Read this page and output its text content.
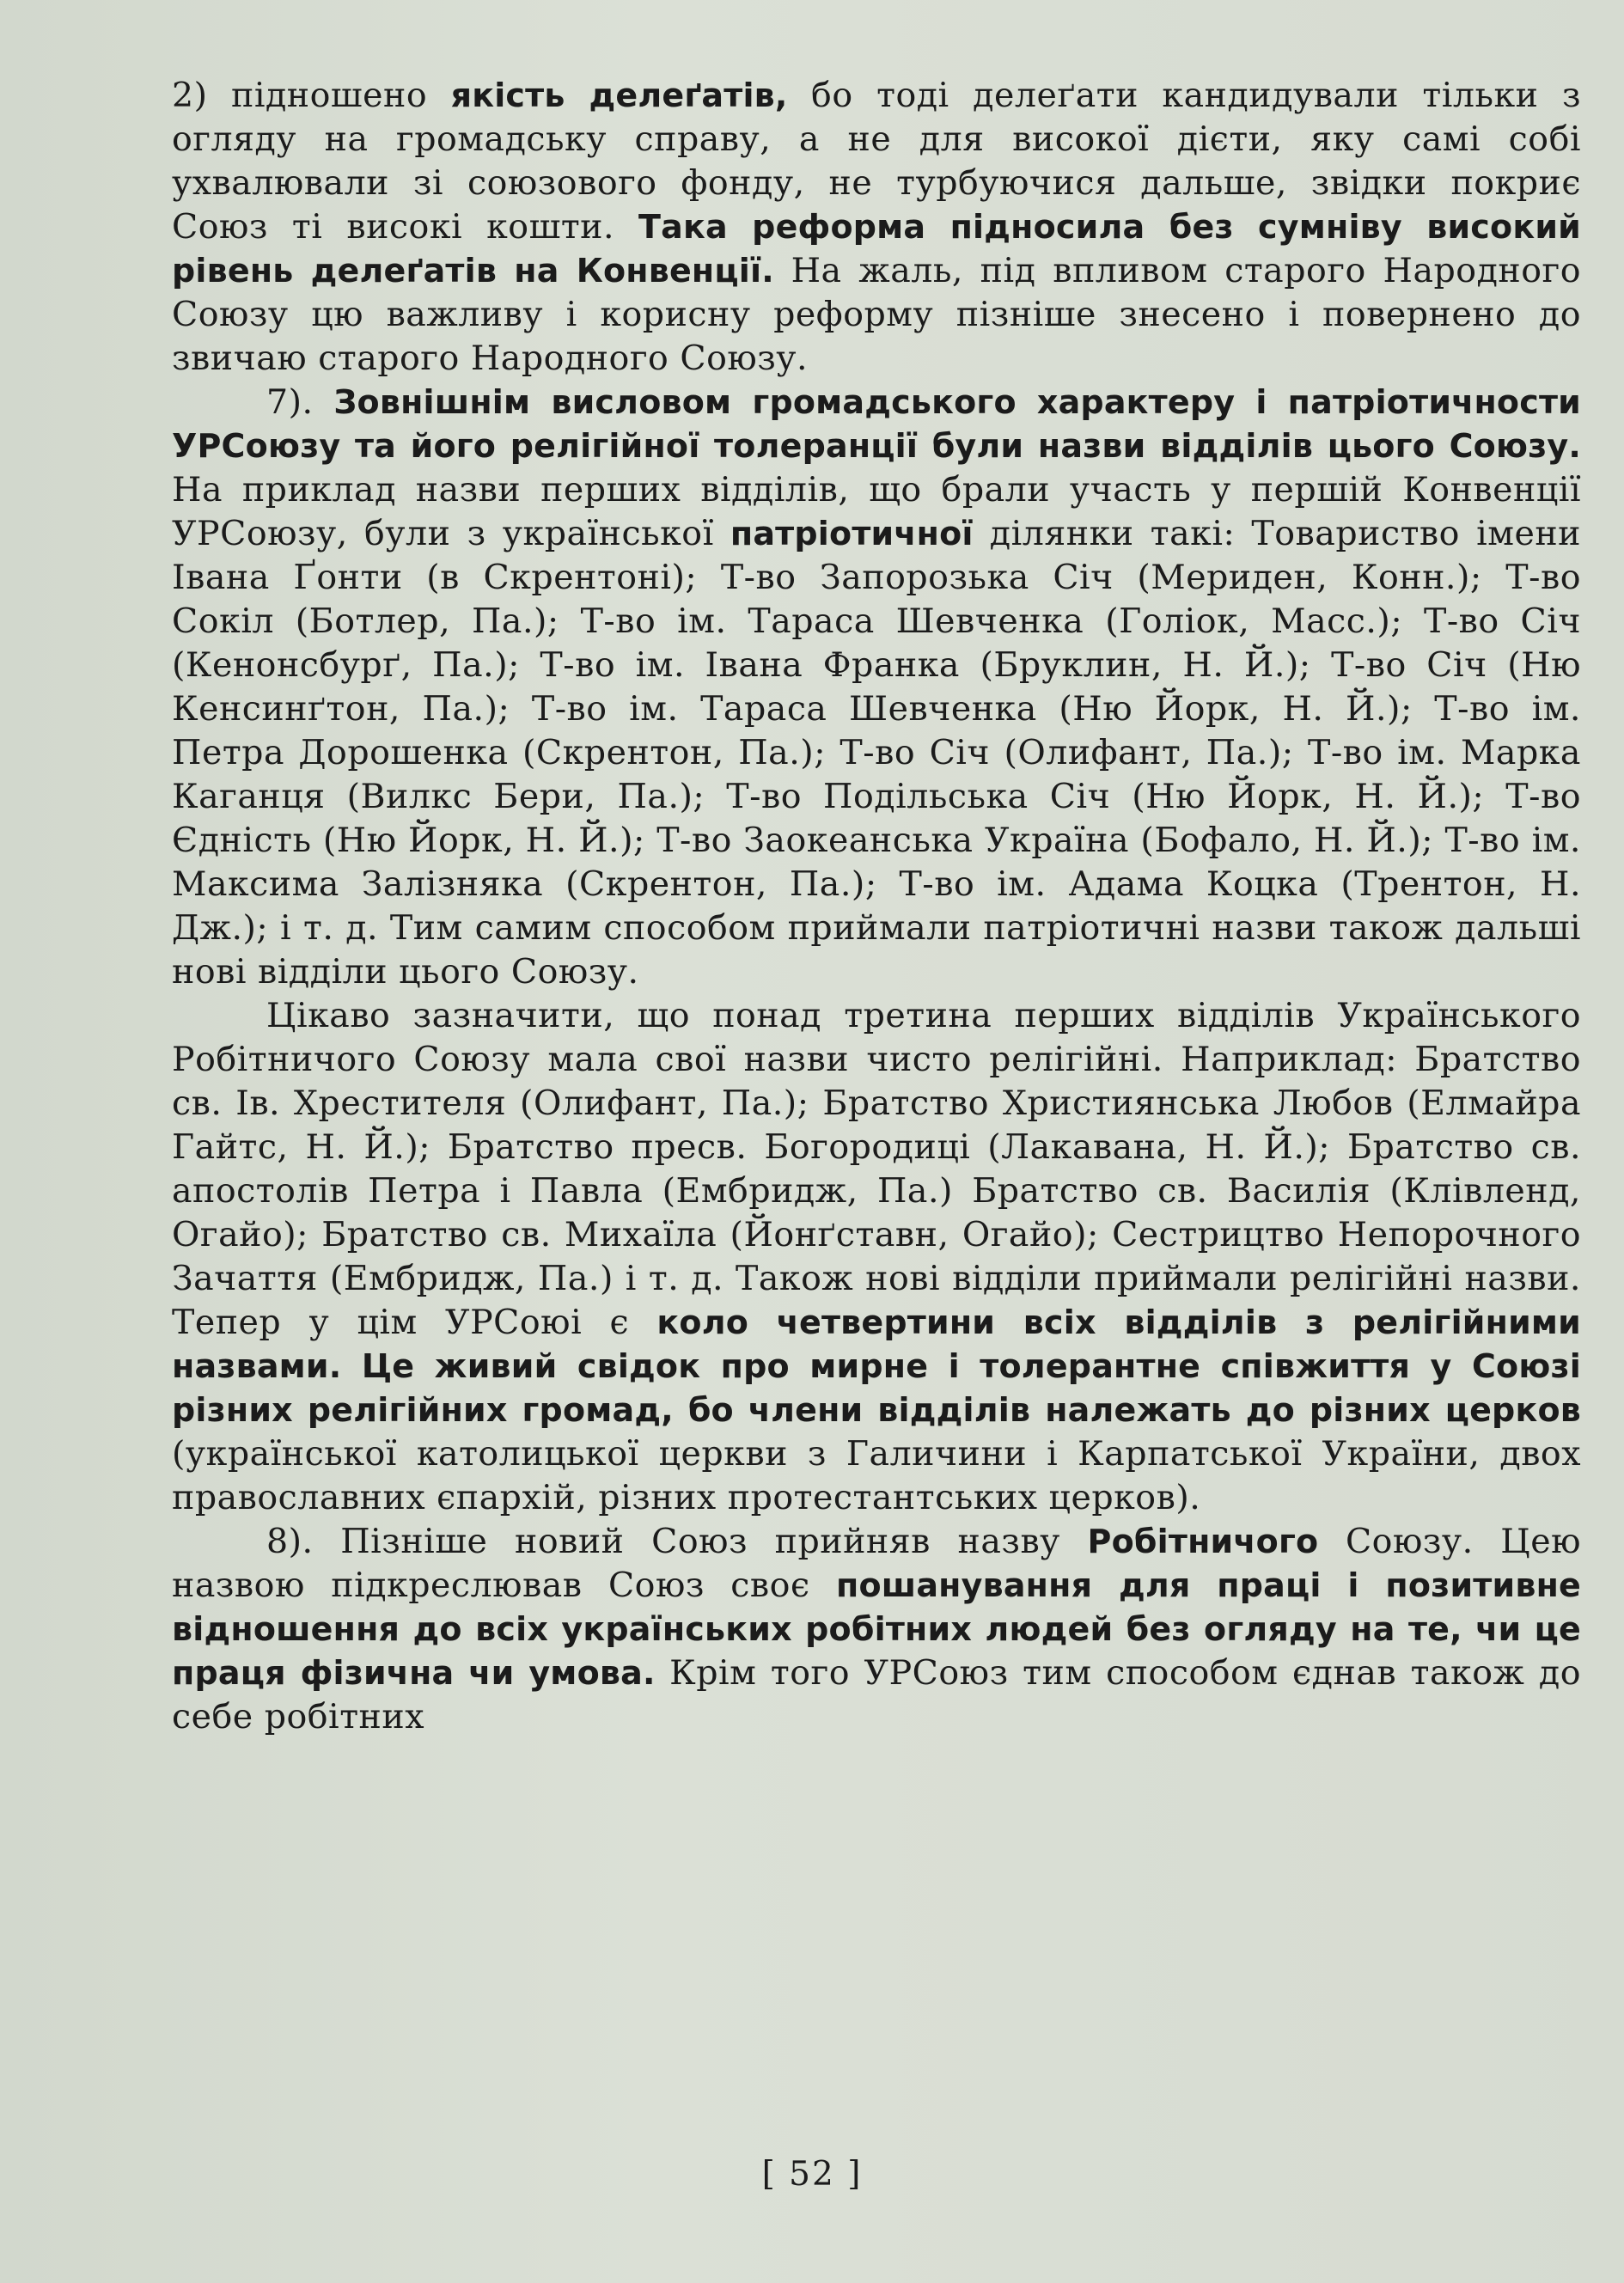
2) підношено якість делеґатів, бо тоді делеґати кандидували тільки з огляду на громадську справу, а не для високої дієти, яку самі собі ухвалювали зі союзового фонду, не турбуючися дальше, звідки покриє Союз ті високі кошти. Така реформа підносила без сумніву високий рівень делеґатів на Конвенції. На жаль, під впливом старого Народного Союзу цю важливу і корисну реформу пізніше знесено і повернено до звичаю старого Народного Союзу.

7). Зовнішнім висловом громадського характеру і патріотичности УРСоюзу та його релігійної толеранції були назви відділів цього Союзу. На приклад назви перших відділів, що брали участь у першій Конвенції УРСоюзу, були з української патріотичної ділянки такі: Товариство імени Івана Ґонти (в Скрентоні); Т-во Запорозька Січ (Мериден, Конн.); Т-во Сокіл (Ботлер, Па.); Т-во ім. Тараса Шевченка (Голіок, Масс.); Т-во Січ (Кенонсбурґ, Па.); Т-во ім. Івана Франка (Бруклин, Н. Й.); Т-во Січ (Ню Кенсинґтон, Па.); Т-во ім. Тараса Шевченка (Ню Йорк, Н. Й.); Т-во ім. Петра Дорошенка (Скрентон, Па.); Т-во Січ (Олифант, Па.); Т-во ім. Марка Каганця (Вилкс Бери, Па.); Т-во Подільська Січ (Ню Йорк, Н. Й.); Т-во Єдність (Ню Йорк, Н. Й.); Т-во Заокеанська Україна (Бофало, Н. Й.); Т-во ім. Максима Залізняка (Скрентон, Па.); Т-во ім. Адама Коцка (Трентон, Н. Дж.); і т. д. Тим самим способом приймали патріотичні назви також дальші нові відділи цього Союзу.

Цікаво зазначити, що понад третина перших відділів Українського Робітничого Союзу мала свої назви чисто релігійні. Наприклад: Братство св. Ів. Хрестителя (Олифант, Па.); Братство Християнська Любов (Елмайра Гайтс, Н. Й.); Братство пресв. Богородиці (Лакавана, Н. Й.); Братство св. апостолів Петра і Павла (Ембридж, Па.) Братство св. Василія (Клівленд, Огайо); Братство св. Михаїла (Йонґставн, Огайо); Сестрицтво Непорочного Зачаття (Ембридж, Па.) і т. д. Також нові відділи приймали релігійні назви. Тепер у цім УРСоюі є коло четвертини всіх відділів з релігійними назвами. Це живий свідок про мирне і толерантне співжиття у Союзі різних релігійних громад, бо члени відділів належать до різних церков (української католицької церкви з Галичини і Карпатської України, двох православних єпархій, різних протестантських церков).

8). Пізніше новий Союз прийняв назву Робітничого Союзу. Цею назвою підкреслював Союз своє пошанування для праці і позитивне відношення до всіх українських робітних людей без огляду на те, чи це праця фізична чи умова. Крім того УРСоюз тим способом єднав також до себе робітних

[ 52 ]
